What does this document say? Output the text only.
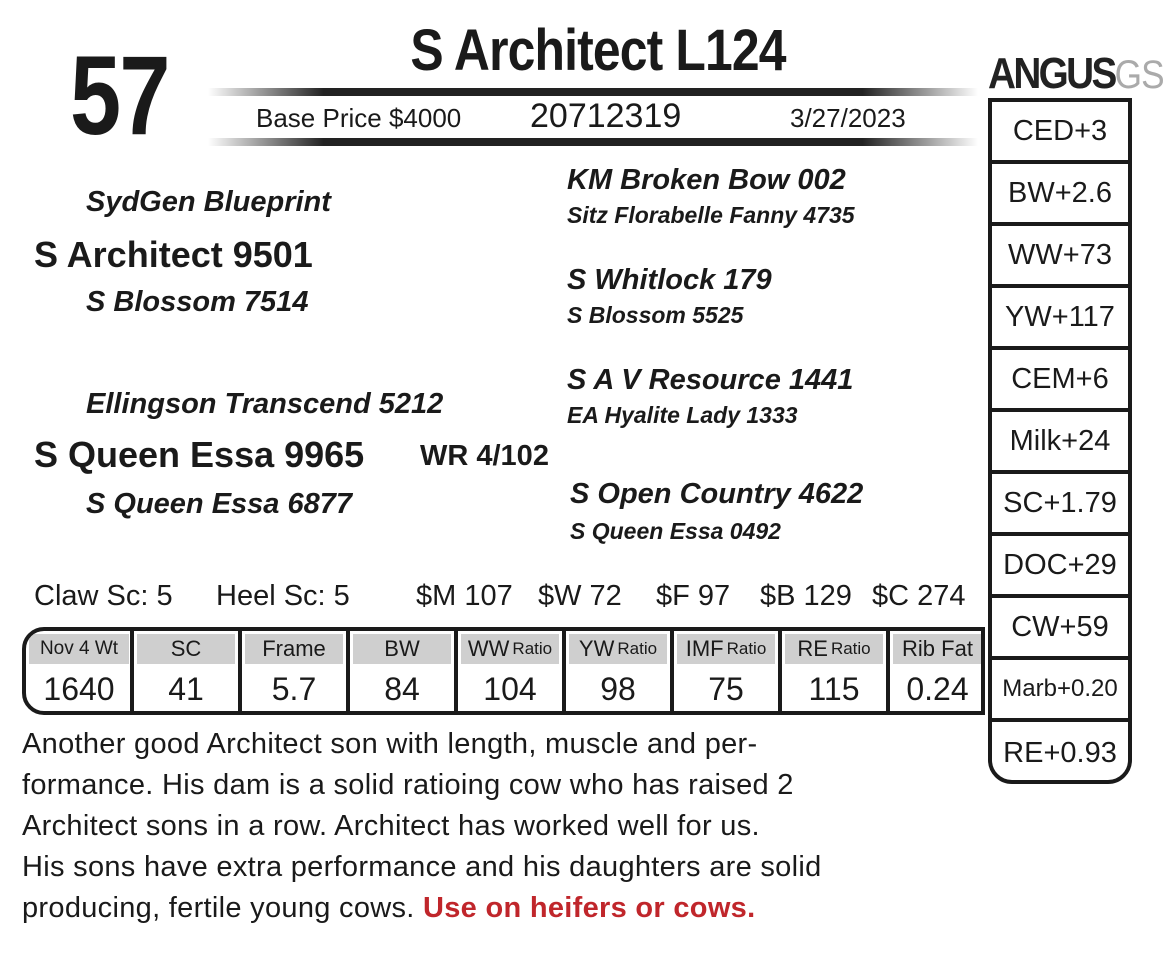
57	S Architect L124
Base Price $4000 20712319	3/27/2023
ANGUSGS
SydGen Blueprint
S Architect 9501
S Blossom 7514
Ellingson Transcend 5212
S Queen Essa 9965 WR 4/102
S Queen Essa 6877
KM Broken Bow 002
Sitz Florabelle Fanny 4735
S Whitlock 179
S Blossom 5525
S A V Resource 1441
EA Hyalite Lady 1333
S Open Country 4622
S Queen Essa 0492
CED+3
BW+2.6
WW+73
YW+117
CEM+6
Milk+24
SC+1.79
DOC+29
CW+59
Marb+0.20
RE+0.93
Claw Sc: 5 Heel Sc: 5 $M 107 $W 72 $F 97 $B 129 $C 274
Nov 4 Wt
1640
SC
41
Frame
5.7
BW
84
WW Ratio
104
YW Ratio
98
IMF Ratio
75
RE Ratio
115
Rib Fat
0.24
Another good Architect son with length, muscle and per-
formance. His dam is a solid ratioing cow who has raised 2
Architect sons in a row. Architect has worked well for us.
His sons have extra performance and his daughters are solid
producing, fertile young cows. Use on heifers or cows.
